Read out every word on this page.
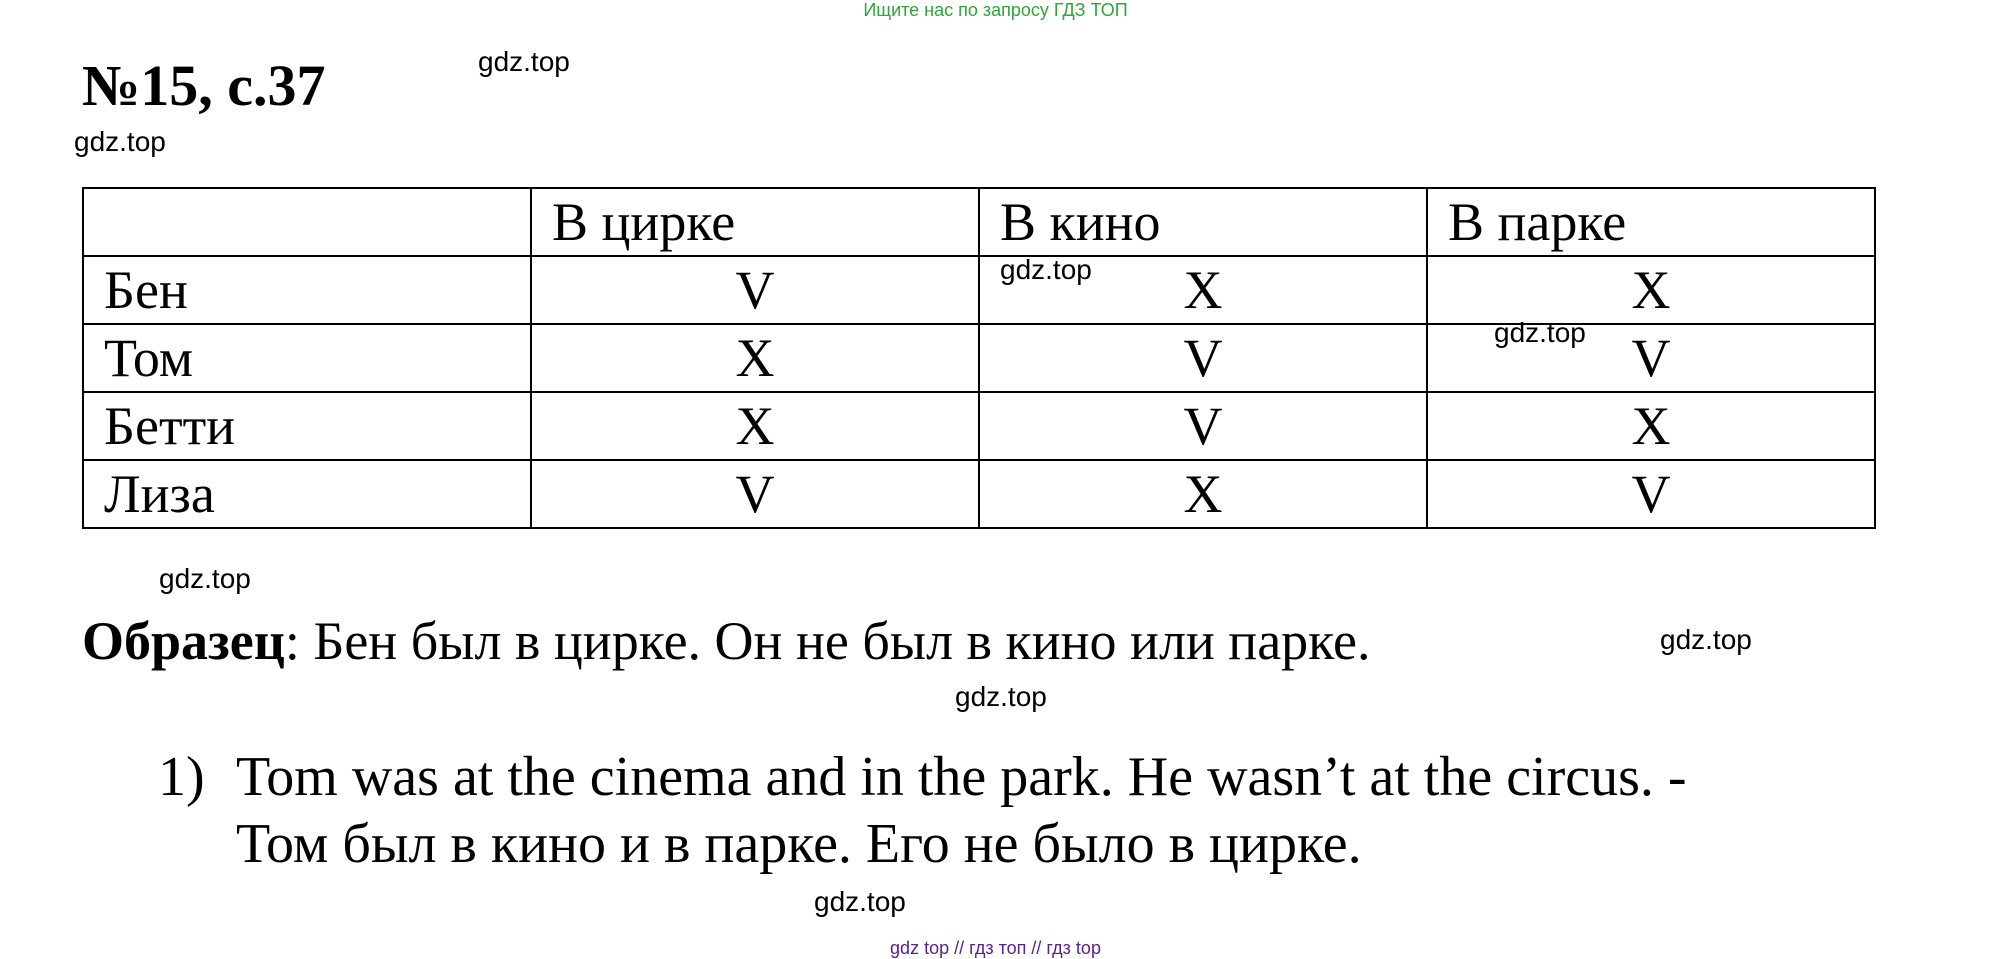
Ищите нас по запросу ГДЗ ТОП
№15, с.37	gdz.top
gdz.top
gdz.top
gdz.top
gdz.top
gdz.top
gdz.top
gdz.top
	В цирке	В кино	В парке
Бен	V	X	X
Том	X	V	V
Бетти	X	V	X
Лиза	V	X	V
Образец: Бен был в цирке. Он не был в кино или парке.
1) Tom was at the cinema and in the park. He wasn’t at the circus. -
Том был в кино и в парке. Его не было в цирке.
gdz top // гдз топ // гдз top
